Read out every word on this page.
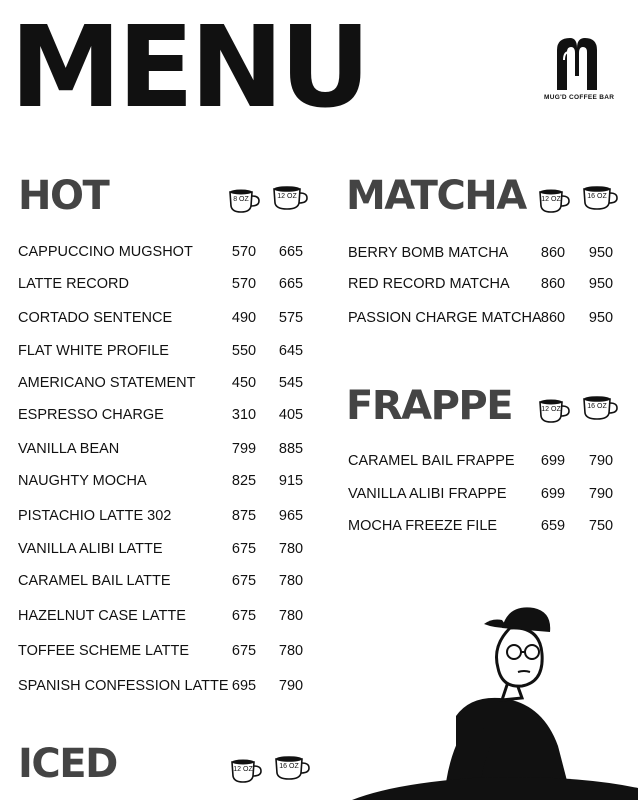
MENU	MUG'D COFFEE BAR
HOT	8 OZ	12 OZ
CAPPUCCINO MUGSHOT	570	665
LATTE RECORD	570	665
CORTADO SENTENCE	490	575
FLAT WHITE PROFILE	550	645
AMERICANO STATEMENT	450	545
ESPRESSO CHARGE	310	405
VANILLA BEAN	799	885
NAUGHTY MOCHA	825	915
PISTACHIO LATTE 302	875	965
VANILLA ALIBI LATTE	675	780
CARAMEL BAIL LATTE	675	780
HAZELNUT CASE LATTE	675	780
TOFFEE SCHEME LATTE	675	780
SPANISH CONFESSION LATTE 695	790
MATCHA	12 OZ	16 OZ
BERRY BOMB MATCHA	860	950
RED RECORD MATCHA	860	950
PASSION CHARGE MATCHA 860	950
FRAPPE	12 OZ	16 OZ
CARAMEL BAIL FRAPPE	699	790
VANILLA ALIBI FRAPPE	699	790
MOCHA FREEZE FILE	659	750
ICED	12 OZ	16 OZ
